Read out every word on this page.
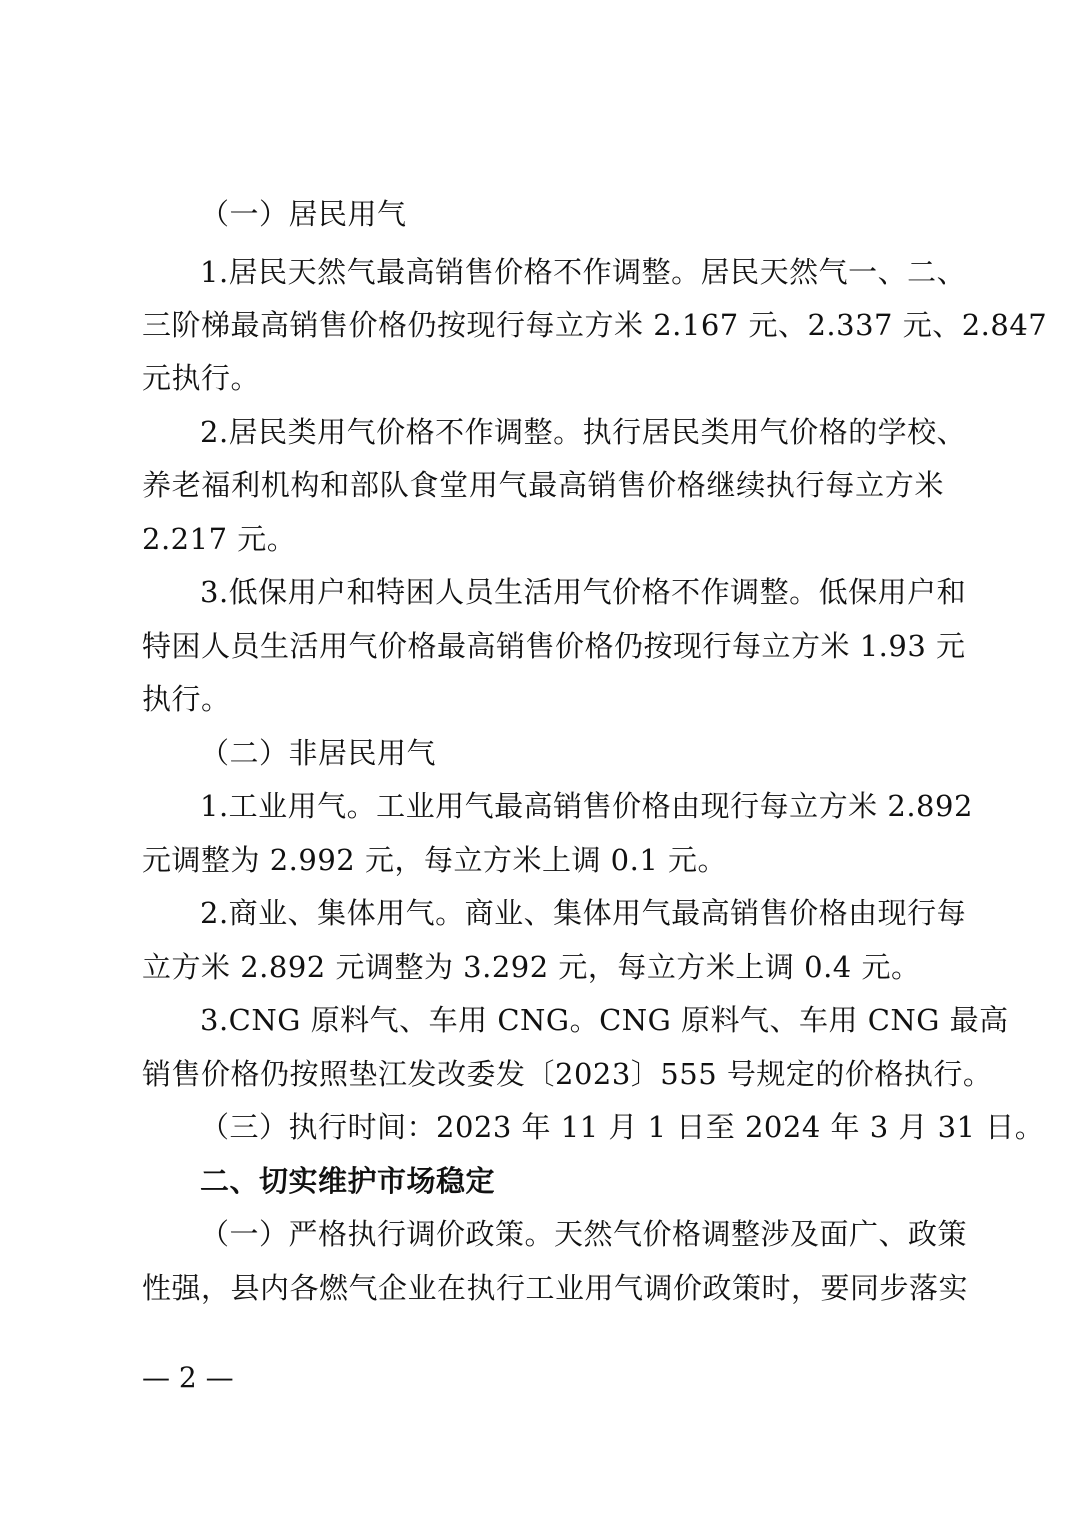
（一）居民用气
1.居民天然气最高销售价格不作调整。居民天然气一、二、
三阶梯最高销售价格仍按现行每立方米 2.167 元、2.337 元、2.847
元执行。
2.居民类用气价格不作调整。执行居民类用气价格的学校、
养老福利机构和部队食堂用气最高销售价格继续执行每立方米
2.217 元。
3.低保用户和特困人员生活用气价格不作调整。低保用户和
特困人员生活用气价格最高销售价格仍按现行每立方米 1.93 元
执行。
（二）非居民用气
1.工业用气。工业用气最高销售价格由现行每立方米 2.892
元调整为 2.992 元，每立方米上调 0.1 元。
2.商业、集体用气。商业、集体用气最高销售价格由现行每
立方米 2.892 元调整为 3.292 元，每立方米上调 0.4 元。
3.CNG 原料气、车用 CNG。CNG 原料气、车用 CNG 最高
销售价格仍按照垫江发改委发〔2023〕555 号规定的价格执行。
（三）执行时间：2023 年 11 月 1 日至 2024 年 3 月 31 日。
二、切实维护市场稳定
（一）严格执行调价政策。天然气价格调整涉及面广、政策
性强，县内各燃气企业在执行工业用气调价政策时，要同步落实
— 2 —
